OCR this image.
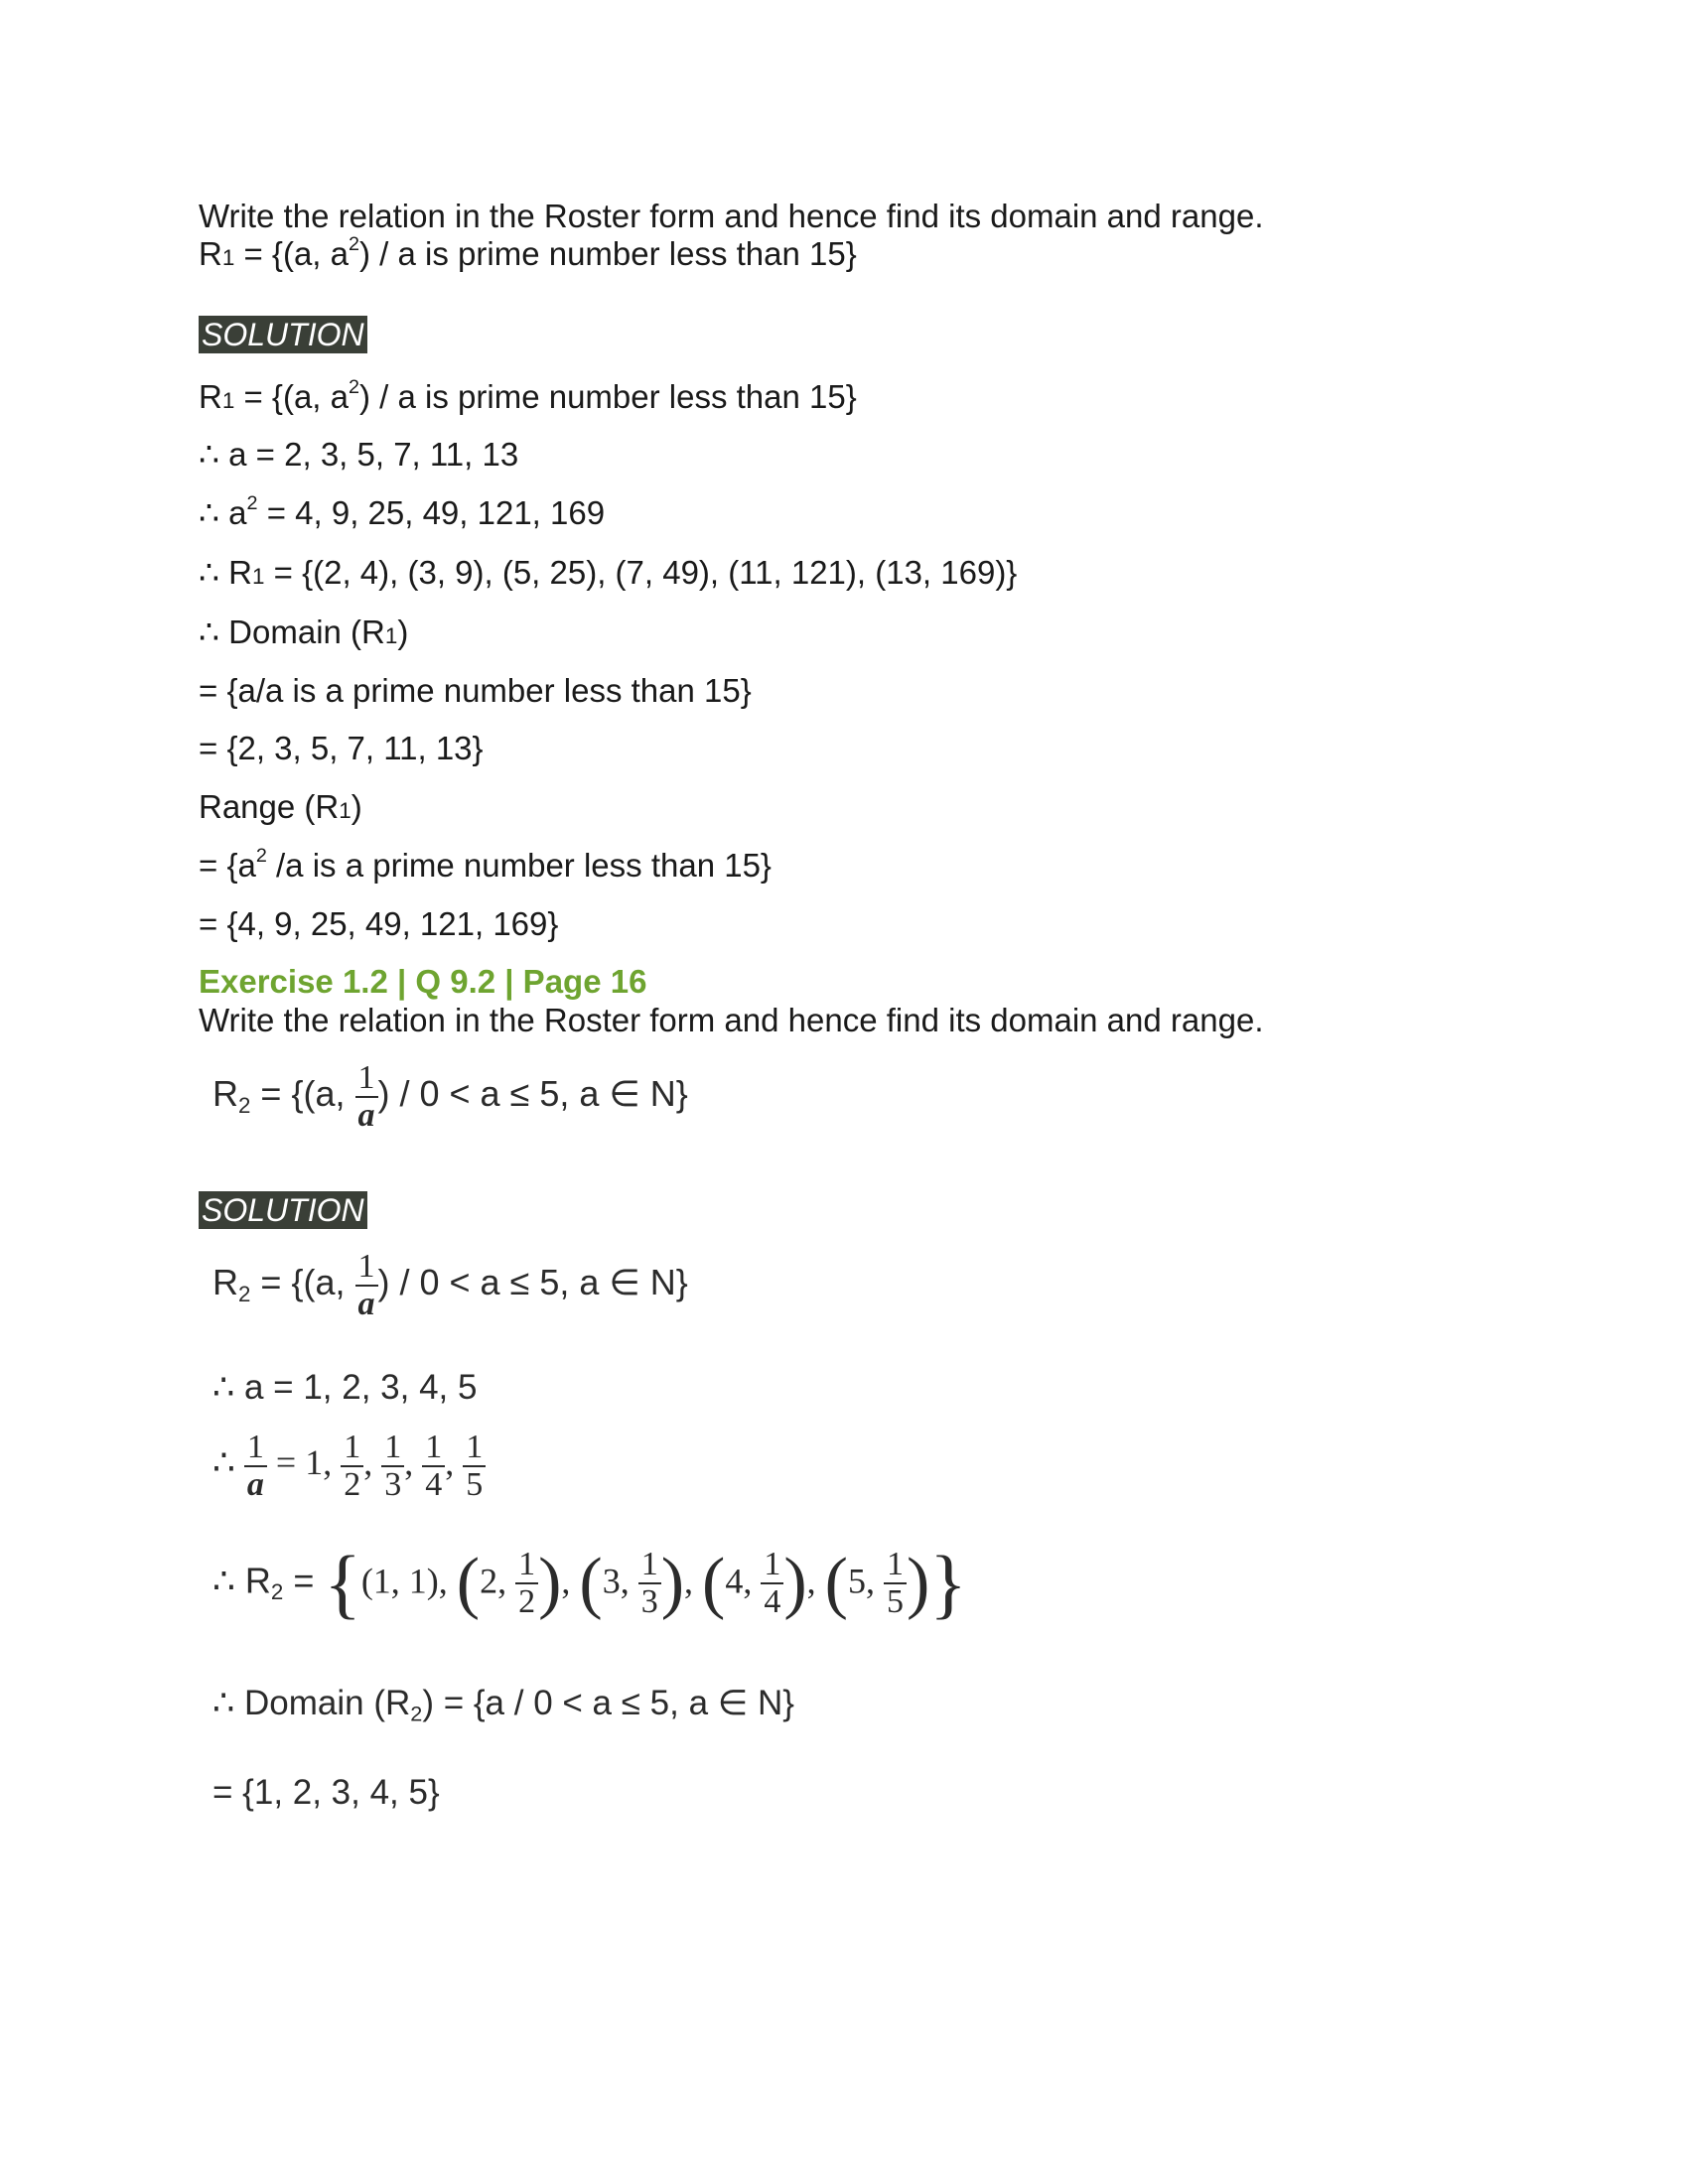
Write the relation in the Roster form and hence find its domain and range.
R1 = {(a, $a^2$) / a is prime number less than 15}
SOLUTION
R1 = {(a, $a^2$) / a is prime number less than 15}
∴ a = 2, 3, 5, 7, 11, 13
∴ $a^2 = 4$, 9, 25, 49, 121, 169
∴ R1 = {(2, 4), (3, 9), (5, 25), (7, 49), (11, 121), (13, 169)}
∴ Domain (R1)
= {a/a is a prime number less than 15}
= {2, 3, 5, 7, 11, 13}
Range (R1)
= {$a^2$ /a is a prime number less than 15}
= {4, 9, 25, 49, 121, 169}
Exercise 1.2 | Q 9.2 | Page 16
Write the relation in the Roster form and hence find its domain and range.
$R_2 = \{(a$, $\frac{1}{a}$ ) / 0 < a ≤ 5, a ∈ N}
SOLUTION
$R_2 = \{(a$, $\frac{1}{a}$ ) / 0 < a ≤ 5, a ∈ N}
∴ a = 1, 2, 3, 4, 5
∴ $\frac{1}{a} = 1$, $\frac{1}{2}$ , $\frac{1}{3}$ , $\frac{1}{4}$ , $\frac{1}{5}$
∴ $R_2 = \{(1$, 1), (2, $\frac{1}{2}$ ), (3, $\frac{1}{3}$ ), (4, $\frac{1}{4}$ ), (5, $\frac{1}{5}$ )}
∴ Domain $(R_2) = \{a / 0 < a \le 5$, a ∈ N}
= {1, 2, 3, 4, 5}
